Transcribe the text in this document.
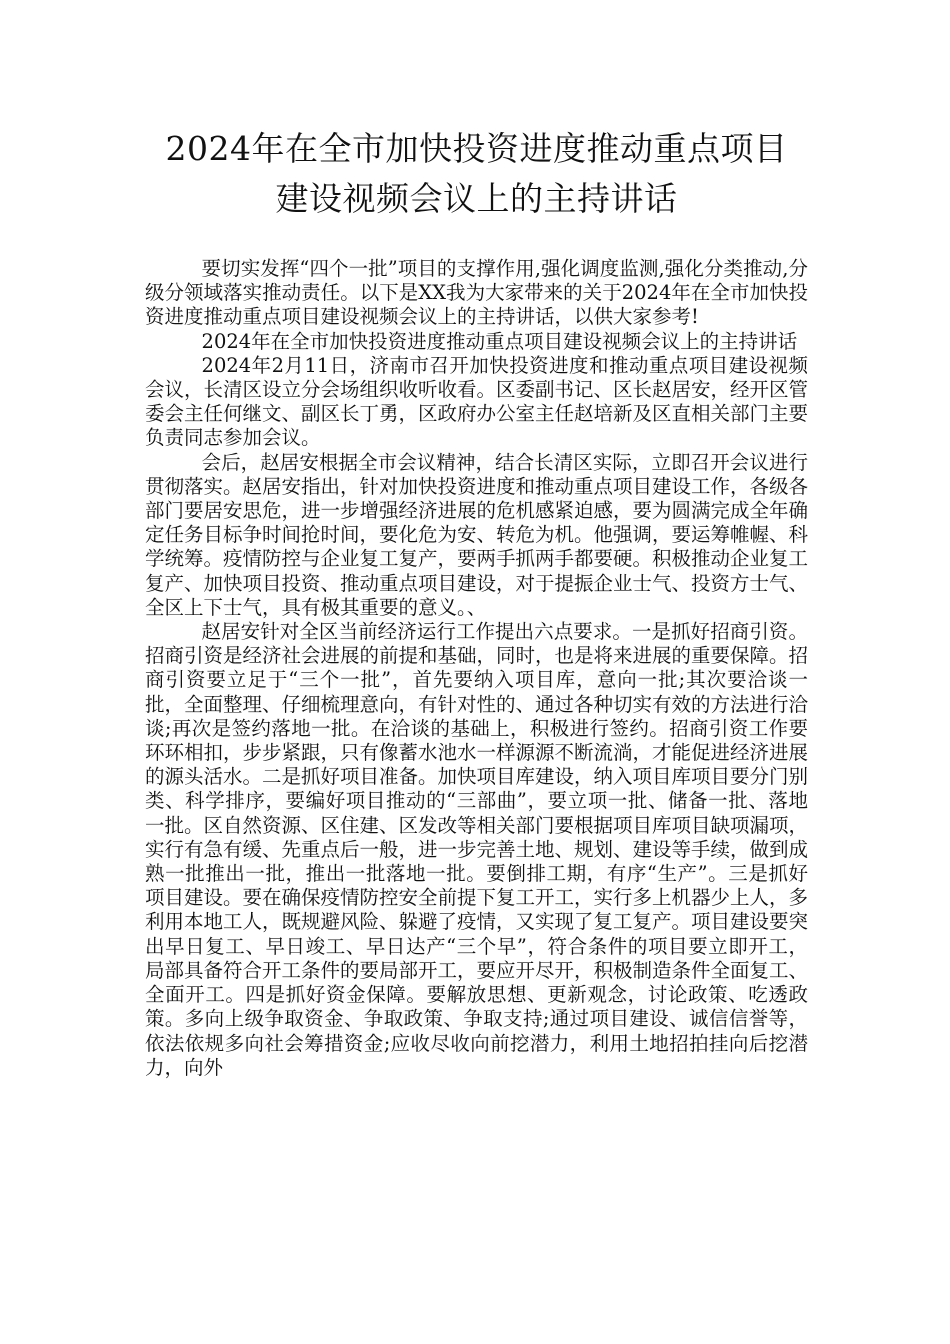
2024年在全市加快投资进度推动重点项目
建设视频会议上的主持讲话

要切实发挥“四个一批”项目的支撑作用,强化调度监测,强化分类推动,分级分领域落实推动责任。以下是XX我为大家带来的关于2024年在全市加快投资进度推动重点项目建设视频会议上的主持讲话，以供大家参考!

2024年在全市加快投资进度推动重点项目建设视频会议上的主持讲话

2024年2月11日，济南市召开加快投资进度和推动重点项目建设视频会议，长清区设立分会场组织收听收看。区委副书记、区长赵居安，经开区管委会主任何继文、副区长丁勇，区政府办公室主任赵培新及区直相关部门主要负责同志参加会议。

会后，赵居安根据全市会议精神，结合长清区实际，立即召开会议进行贯彻落实。赵居安指出，针对加快投资进度和推动重点项目建设工作，各级各部门要居安思危，进一步增强经济进展的危机感紧迫感，要为圆满完成全年确定任务目标争时间抢时间，要化危为安、转危为机。他强调，要运筹帷幄、科学统筹。疫情防控与企业复工复产，要两手抓两手都要硬。积极推动企业复工复产、加快项目投资、推动重点项目建设，对于提振企业士气、投资方士气、全区上下士气，具有极其重要的意义。、

赵居安针对全区当前经济运行工作提出六点要求。一是抓好招商引资。招商引资是经济社会进展的前提和基础，同时，也是将来进展的重要保障。招商引资要立足于“三个一批”，首先要纳入项目库，意向一批;其次要洽谈一批，全面整理、仔细梳理意向，有针对性的、通过各种切实有效的方法进行洽谈;再次是签约落地一批。在洽谈的基础上，积极进行签约。招商引资工作要环环相扣，步步紧跟，只有像蓄水池水一样源源不断流淌，才能促进经济进展的源头活水。二是抓好项目准备。加快项目库建设，纳入项目库项目要分门别类、科学排序，要编好项目推动的“三部曲”，要立项一批、储备一批、落地一批。区自然资源、区住建、区发改等相关部门要根据项目库项目缺项漏项，实行有急有缓、先重点后一般，进一步完善土地、规划、建设等手续，做到成熟一批推出一批，推出一批落地一批。要倒排工期，有序“生产”。三是抓好项目建设。要在确保疫情防控安全前提下复工开工，实行多上机器少上人，多利用本地工人，既规避风险、躲避了疫情，又实现了复工复产。项目建设要突出早日复工、早日竣工、早日达产“三个早”，符合条件的项目要立即开工，局部具备符合开工条件的要局部开工，要应开尽开，积极制造条件全面复工、全面开工。四是抓好资金保障。要解放思想、更新观念，讨论政策、吃透政策。多向上级争取资金、争取政策、争取支持;通过项目建设、诚信信誉等，依法依规多向社会筹措资金;应收尽收向前挖潜力，利用土地招拍挂向后挖潜力，向外
